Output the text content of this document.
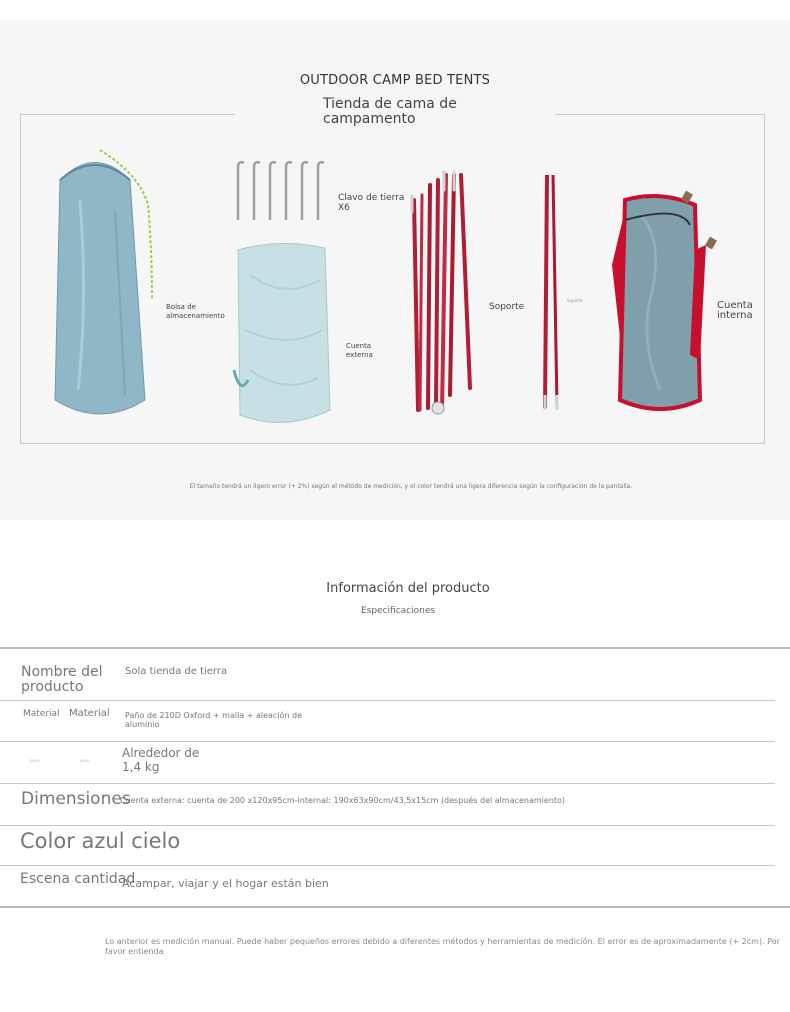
OUTDOOR CAMP BED TENTS
Tienda de cama de campamento
Bolsa de almacenamiento
Clavo de tierra X6
Cuenta externa
Soporte
Soporte	Cuenta interna
El tamaño tendrá un ligero error (+ 2%) según el método de medición, y el color tendrá una ligera diferencia según la configuración de la pantalla.
Información del producto
Especificaciones
Nombre del producto
Sola tienda de tierra
Material Material Paño de 210D Oxford + malla + aleación de aluminio
peso	peso
Alrededor de 1,4 kg
Dimensiones
Cuenta externa: cuenta de 200 x120x95cm-internal: 190x63x90cm/43,5x15cm (después del almacenamiento)
Color azul cielo
Escena cantidad
Acampar, viajar y el hogar están bien
Lo anterior es medición manual. Puede haber pequeños errores debido a diferentes métodos y herramientas de medición. El error es de aproximadamente (+ 2cm). Por favor entienda
